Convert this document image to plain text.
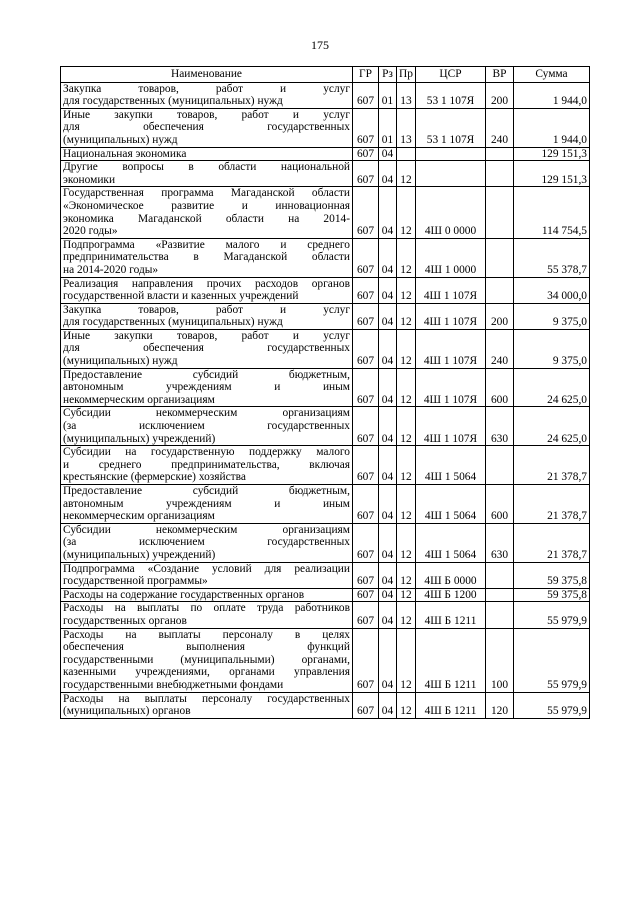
175
Наименование	ГР	Рз	Пр	ЦСР	ВР	Сумма

Закупка товаров, работ и услуг
для государственных (муниципальных) нужд	607	01	13	53 1 107Я	200	1 944,0

Иные закупки товаров, работ и услуг
для обеспечения государственных
(муниципальных) нужд	607	01	13	53 1 107Я	240	1 944,0

Национальная экономика	607	04				129 151,3

Другие вопросы в области национальной
экономики	607	04	12			129 151,3

Государственная программа Магаданской области
«Экономическое развитие и инновационная
экономика Магаданской области на 2014-
2020 годы»	607	04	12	4Ш 0 0000		114 754,5

Подпрограмма «Развитие малого и среднего
предпринимательства в Магаданской области
на 2014-2020 годы»	607	04	12	4Ш 1 0000		55 378,7

Реализация направления прочих расходов органов
государственной власти и казенных учреждений	607	04	12	4Ш 1 107Я		34 000,0

Закупка товаров, работ и услуг
для государственных (муниципальных) нужд	607	04	12	4Ш 1 107Я	200	9 375,0

Иные закупки товаров, работ и услуг
для обеспечения государственных
(муниципальных) нужд	607	04	12	4Ш 1 107Я	240	9 375,0

Предоставление субсидий бюджетным,
автономным учреждениям и иным
некоммерческим организациям	607	04	12	4Ш 1 107Я	600	24 625,0

Субсидии некоммерческим организациям
(за исключением государственных
(муниципальных) учреждений)	607	04	12	4Ш 1 107Я	630	24 625,0

Субсидии на государственную поддержку малого
и среднего предпринимательства, включая
крестьянские (фермерские) хозяйства	607	04	12	4Ш 1 5064		21 378,7

Предоставление субсидий бюджетным,
автономным учреждениям и иным
некоммерческим организациям	607	04	12	4Ш 1 5064	600	21 378,7

Субсидии некоммерческим организациям
(за исключением государственных
(муниципальных) учреждений)	607	04	12	4Ш 1 5064	630	21 378,7

Подпрограмма «Создание условий для реализации
государственной программы»	607	04	12	4Ш Б 0000		59 375,8

Расходы на содержание государственных органов	607	04	12	4Ш Б 1200		59 375,8

Расходы на выплаты по оплате труда работников
государственных органов	607	04	12	4Ш Б 1211		55 979,9

Расходы на выплаты персоналу в целях
обеспечения выполнения функций
государственными (муниципальными) органами,
казенными учреждениями, органами управления
государственными внебюджетными фондами	607	04	12	4Ш Б 1211	100	55 979,9

Расходы на выплаты персоналу государственных
(муниципальных) органов	607	04	12	4Ш Б 1211	120	55 979,9
